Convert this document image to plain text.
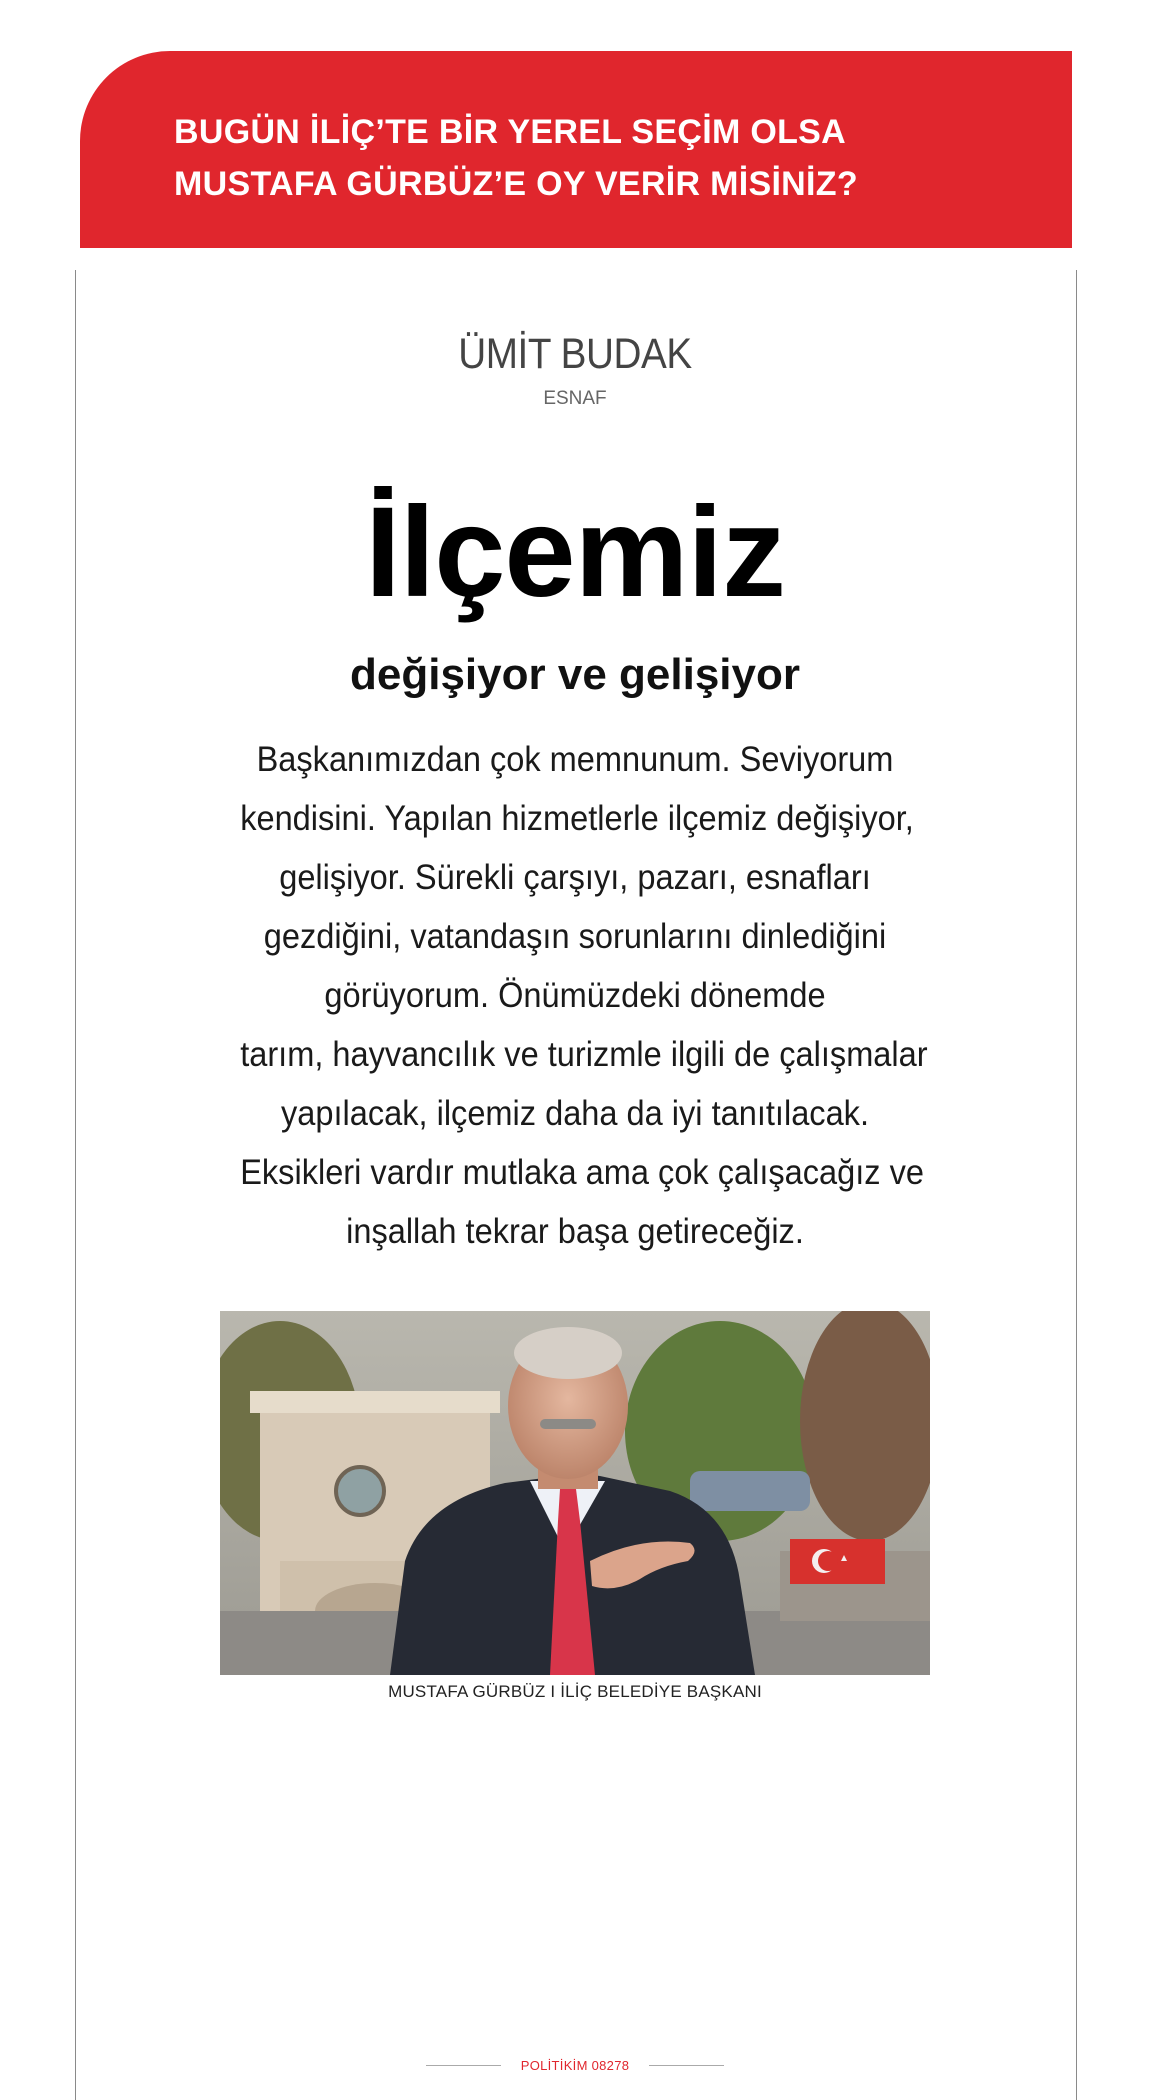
BUGÜN İLİÇ’TE BİR YEREL SEÇİM OLSA
MUSTAFA GÜRBÜZ’E OY VERİR MİSİNİZ?
ÜMİT BUDAK
ESNAF
İlçemiz
değişiyor ve gelişiyor
Başkanımızdan çok memnunum. Seviyorum
kendisini. Yapılan hizmetlerle ilçemiz değişiyor,
gelişiyor. Sürekli çarşıyı, pazarı, esnafları
gezdiğini, vatandaşın sorunlarını dinlediğini
görüyorum. Önümüzdeki dönemde
tarım, hayvancılık ve turizmle ilgili de çalışmalar
yapılacak, ilçemiz daha da iyi tanıtılacak.
Eksikleri vardır mutlaka ama çok çalışacağız ve
inşallah tekrar başa getireceğiz.
MUSTAFA GÜRBÜZ I İLİÇ BELEDİYE BAŞKANI
POLİTİKİM 08278
